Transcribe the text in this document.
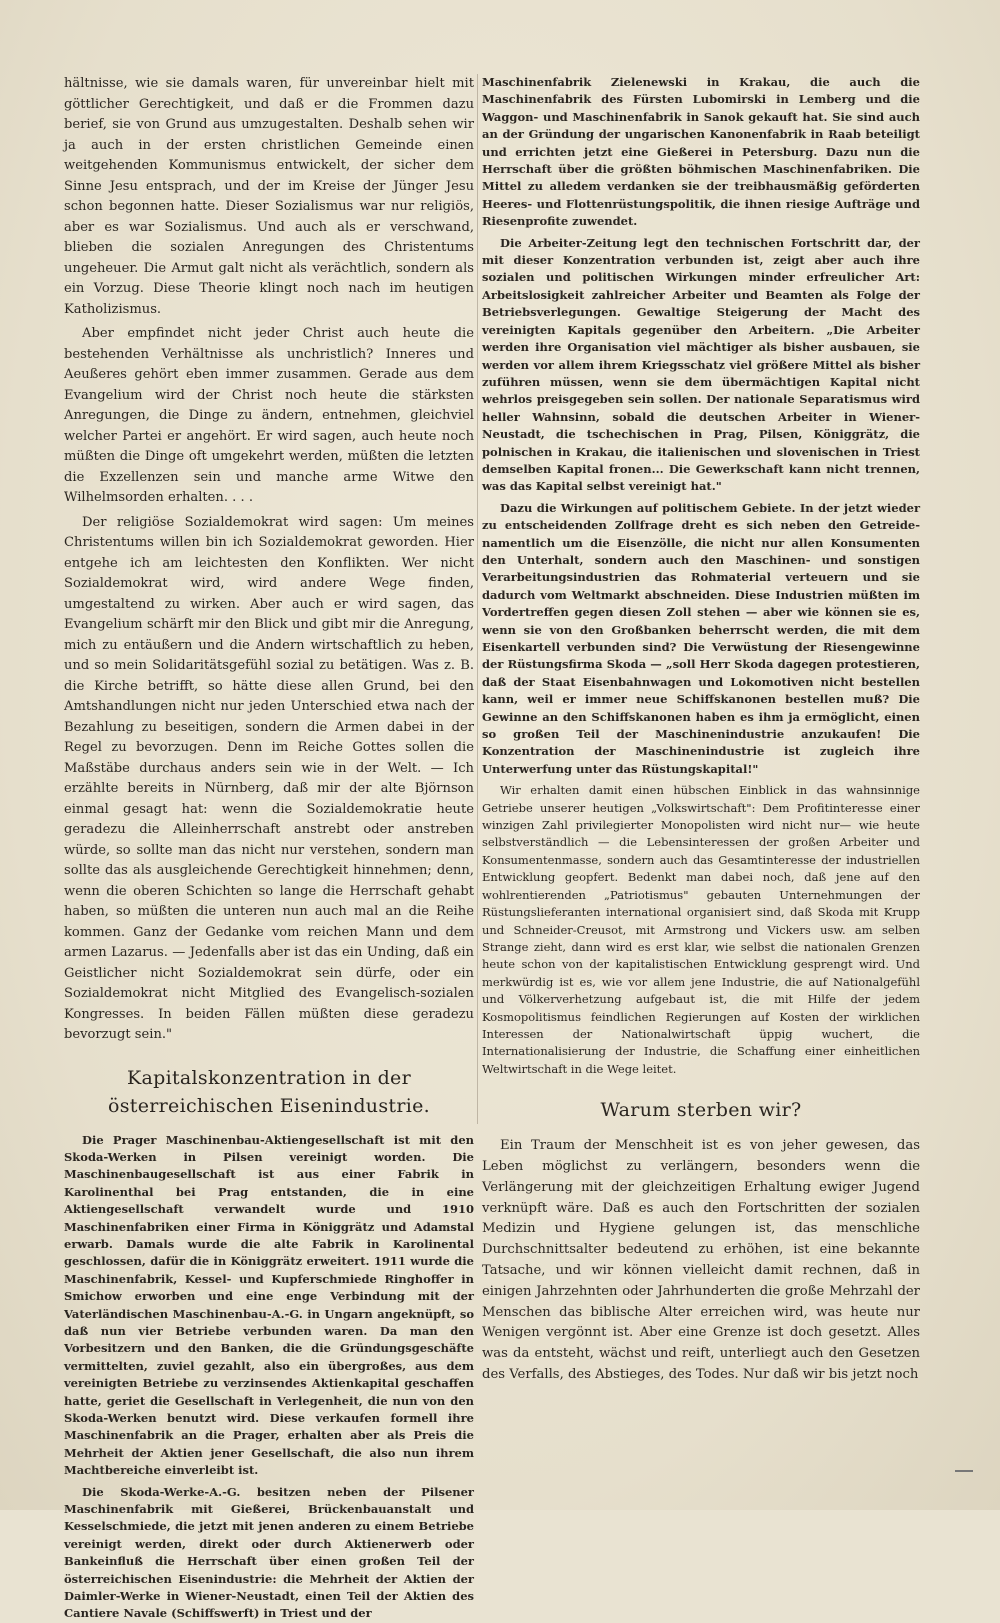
hältnisse, wie sie damals waren, für unvereinbar hielt mit göttlicher Gerechtigkeit, und daß er die Frommen dazu berief, sie von Grund aus umzugestalten. Deshalb sehen wir ja auch in der ersten christlichen Gemeinde einen weitgehenden Kommunismus entwickelt, der sicher dem Sinne Jesu entsprach, und der im Kreise der Jünger Jesu schon begonnen hatte. Dieser Sozialismus war nur religiös, aber es war Sozialismus. Und auch als er verschwand, blieben die sozialen Anregungen des Christentums ungeheuer. Die Armut galt nicht als verächtlich, sondern als ein Vorzug. Diese Theorie klingt noch nach im heutigen Katholizismus.

Aber empfindet nicht jeder Christ auch heute die bestehenden Verhältnisse als unchristlich? Inneres und Aeußeres gehört eben immer zusammen. Gerade aus dem Evangelium wird der Christ noch heute die stärksten Anregungen, die Dinge zu ändern, entnehmen, gleichviel welcher Partei er angehört. Er wird sagen, auch heute noch müßten die Dinge oft umgekehrt werden, müßten die letzten die Exzellenzen sein und manche arme Witwe den Wilhelmsorden erhalten. . . .

Der religiöse Sozialdemokrat wird sagen: Um meines Christentums willen bin ich Sozialdemokrat geworden. Hier entgehe ich am leichtesten den Konflikten. Wer nicht Sozialdemokrat wird, wird andere Wege finden, umgestaltend zu wirken. Aber auch er wird sagen, das Evangelium schärft mir den Blick und gibt mir die Anregung, mich zu entäußern und die Andern wirtschaftlich zu heben, und so mein Solidaritätsgefühl sozial zu betätigen. Was z. B. die Kirche betrifft, so hätte diese allen Grund, bei den Amtshandlungen nicht nur jeden Unterschied etwa nach der Bezahlung zu beseitigen, sondern die Armen dabei in der Regel zu bevorzugen. Denn im Reiche Gottes sollen die Maßstäbe durchaus anders sein wie in der Welt. — Ich erzählte bereits in Nürnberg, daß mir der alte Björnson einmal gesagt hat: wenn die Sozialdemokratie heute geradezu die Alleinherrschaft anstrebt oder anstreben würde, so sollte man das nicht nur verstehen, sondern man sollte das als ausgleichende Gerechtigkeit hinnehmen; denn, wenn die oberen Schichten so lange die Herrschaft gehabt haben, so müßten die unteren nun auch mal an die Reihe kommen. Ganz der Gedanke vom reichen Mann und dem armen Lazarus. — Jedenfalls aber ist das ein Unding, daß ein Geistlicher nicht Sozialdemokrat sein dürfe, oder ein Sozialdemokrat nicht Mitglied des Evangelisch-sozialen Kongresses. In beiden Fällen müßten diese geradezu bevorzugt sein."

Kapitalskonzentration in der österreichischen Eisenindustrie.

Die Prager Maschinenbau-Aktiengesellschaft ist mit den Skoda-Werken in Pilsen vereinigt worden. Die Maschinenbaugesellschaft ist aus einer Fabrik in Karolinenthal bei Prag entstanden, die in eine Aktiengesellschaft verwandelt wurde und 1910 Maschinenfabriken einer Firma in Königgrätz und Adamstal erwarb. Damals wurde die alte Fabrik in Karolinental geschlossen, dafür die in Königgrätz erweitert. 1911 wurde die Maschinenfabrik, Kessel- und Kupferschmiede Ringhoffer in Smichow erworben und eine enge Verbindung mit der Vaterländischen Maschinenbau-A.-G. in Ungarn angeknüpft, so daß nun vier Betriebe verbunden waren. Da man den Vorbesitzern und den Banken, die die Gründungsgeschäfte vermittelten, zuviel gezahlt, also ein übergroßes, aus dem vereinigten Betriebe zu verzinsendes Aktienkapital geschaffen hatte, geriet die Gesellschaft in Verlegenheit, die nun von den Skoda-Werken benutzt wird. Diese verkaufen formell ihre Maschinenfabrik an die Prager, erhalten aber als Preis die Mehrheit der Aktien jener Gesellschaft, die also nun ihrem Machtbereiche einverleibt ist.

Die Skoda-Werke-A.-G. besitzen neben der Pilsener Maschinenfabrik mit Gießerei, Brückenbauanstalt und Kesselschmiede, die jetzt mit jenen anderen zu einem Betriebe vereinigt werden, direkt oder durch Aktienerwerb oder Bankeinfluß die Herrschaft über einen großen Teil der österreichischen Eisenindustrie: die Mehrheit der Aktien der Daimler-Werke in Wiener-Neustadt, einen Teil der Aktien des Cantiere Navale (Schiffswerft) in Triest und der

Maschinenfabrik Zielenewski in Krakau, die auch die Maschinenfabrik des Fürsten Lubomirski in Lemberg und die Waggon- und Maschinenfabrik in Sanok gekauft hat. Sie sind auch an der Gründung der ungarischen Kanonenfabrik in Raab beteiligt und errichten jetzt eine Gießerei in Petersburg. Dazu nun die Herrschaft über die größten böhmischen Maschinenfabriken. Die Mittel zu alledem verdanken sie der treibhausmäßig geförderten Heeres- und Flottenrüstungspolitik, die ihnen riesige Aufträge und Riesenprofite zuwendet.

Die Arbeiter-Zeitung legt den technischen Fortschritt dar, der mit dieser Konzentration verbunden ist, zeigt aber auch ihre sozialen und politischen Wirkungen minder erfreulicher Art: Arbeitslosigkeit zahlreicher Arbeiter und Beamten als Folge der Betriebsverlegungen. Gewaltige Steigerung der Macht des vereinigten Kapitals gegenüber den Arbeitern. „Die Arbeiter werden ihre Organisation viel mächtiger als bisher ausbauen, sie werden vor allem ihrem Kriegsschatz viel größere Mittel als bisher zuführen müssen, wenn sie dem übermächtigen Kapital nicht wehrlos preisgegeben sein sollen. Der nationale Separatismus wird heller Wahnsinn, sobald die deutschen Arbeiter in Wiener-Neustadt, die tschechischen in Prag, Pilsen, Königgrätz, die polnischen in Krakau, die italienischen und slovenischen in Triest demselben Kapital fronen... Die Gewerkschaft kann nicht trennen, was das Kapital selbst vereinigt hat."

Dazu die Wirkungen auf politischem Gebiete. In der jetzt wieder zu entscheidenden Zollfrage dreht es sich neben den Getreide- namentlich um die Eisenzölle, die nicht nur allen Konsumenten den Unterhalt, sondern auch den Maschinen- und sonstigen Verarbeitungsindustrien das Rohmaterial verteuern und sie dadurch vom Weltmarkt abschneiden. Diese Industrien müßten im Vordertreffen gegen diesen Zoll stehen — aber wie können sie es, wenn sie von den Großbanken beherrscht werden, die mit dem Eisenkartell verbunden sind? Die Verwüstung der Riesengewinne der Rüstungsfirma Skoda — „soll Herr Skoda dagegen protestieren, daß der Staat Eisenbahnwagen und Lokomotiven nicht bestellen kann, weil er immer neue Schiffskanonen bestellen muß? Die Gewinne an den Schiffskanonen haben es ihm ja ermöglicht, einen so großen Teil der Maschinenindustrie anzukaufen! Die Konzentration der Maschinenindustrie ist zugleich ihre Unterwerfung unter das Rüstungskapital!"

Wir erhalten damit einen hübschen Einblick in das wahnsinnige Getriebe unserer heutigen „Volkswirtschaft": Dem Profitinteresse einer winzigen Zahl privilegierter Monopolisten wird nicht nur— wie heute selbstverständlich — die Lebensinteressen der großen Arbeiter und Konsumentenmasse, sondern auch das Gesamtinteresse der industriellen Entwicklung geopfert. Bedenkt man dabei noch, daß jene auf den wohlrentierenden „Patriotismus" gebauten Unternehmungen der Rüstungslieferanten international organisiert sind, daß Skoda mit Krupp und Schneider-Creusot, mit Armstrong und Vickers usw. am selben Strange zieht, dann wird es erst klar, wie selbst die nationalen Grenzen heute schon von der kapitalistischen Entwicklung gesprengt wird. Und merkwürdig ist es, wie vor allem jene Industrie, die auf Nationalgefühl und Völkerverhetzung aufgebaut ist, die mit Hilfe der jedem Kosmopolitismus feindlichen Regierungen auf Kosten der wirklichen Interessen der Nationalwirtschaft üppig wuchert, die Internationalisierung der Industrie, die Schaffung einer einheitlichen Weltwirtschaft in die Wege leitet.

Warum sterben wir?

Ein Traum der Menschheit ist es von jeher gewesen, das Leben möglichst zu verlängern, besonders wenn die Verlängerung mit der gleichzeitigen Erhaltung ewiger Jugend verknüpft wäre. Daß es auch den Fortschritten der sozialen Medizin und Hygiene gelungen ist, das menschliche Durchschnittsalter bedeutend zu erhöhen, ist eine bekannte Tatsache, und wir können vielleicht damit rechnen, daß in einigen Jahrzehnten oder Jahrhunderten die große Mehrzahl der Menschen das biblische Alter erreichen wird, was heute nur Wenigen vergönnt ist. Aber eine Grenze ist doch gesetzt. Alles was da entsteht, wächst und reift, unterliegt auch den Gesetzen des Verfalls, des Abstieges, des Todes. Nur daß wir bis jetzt noch
